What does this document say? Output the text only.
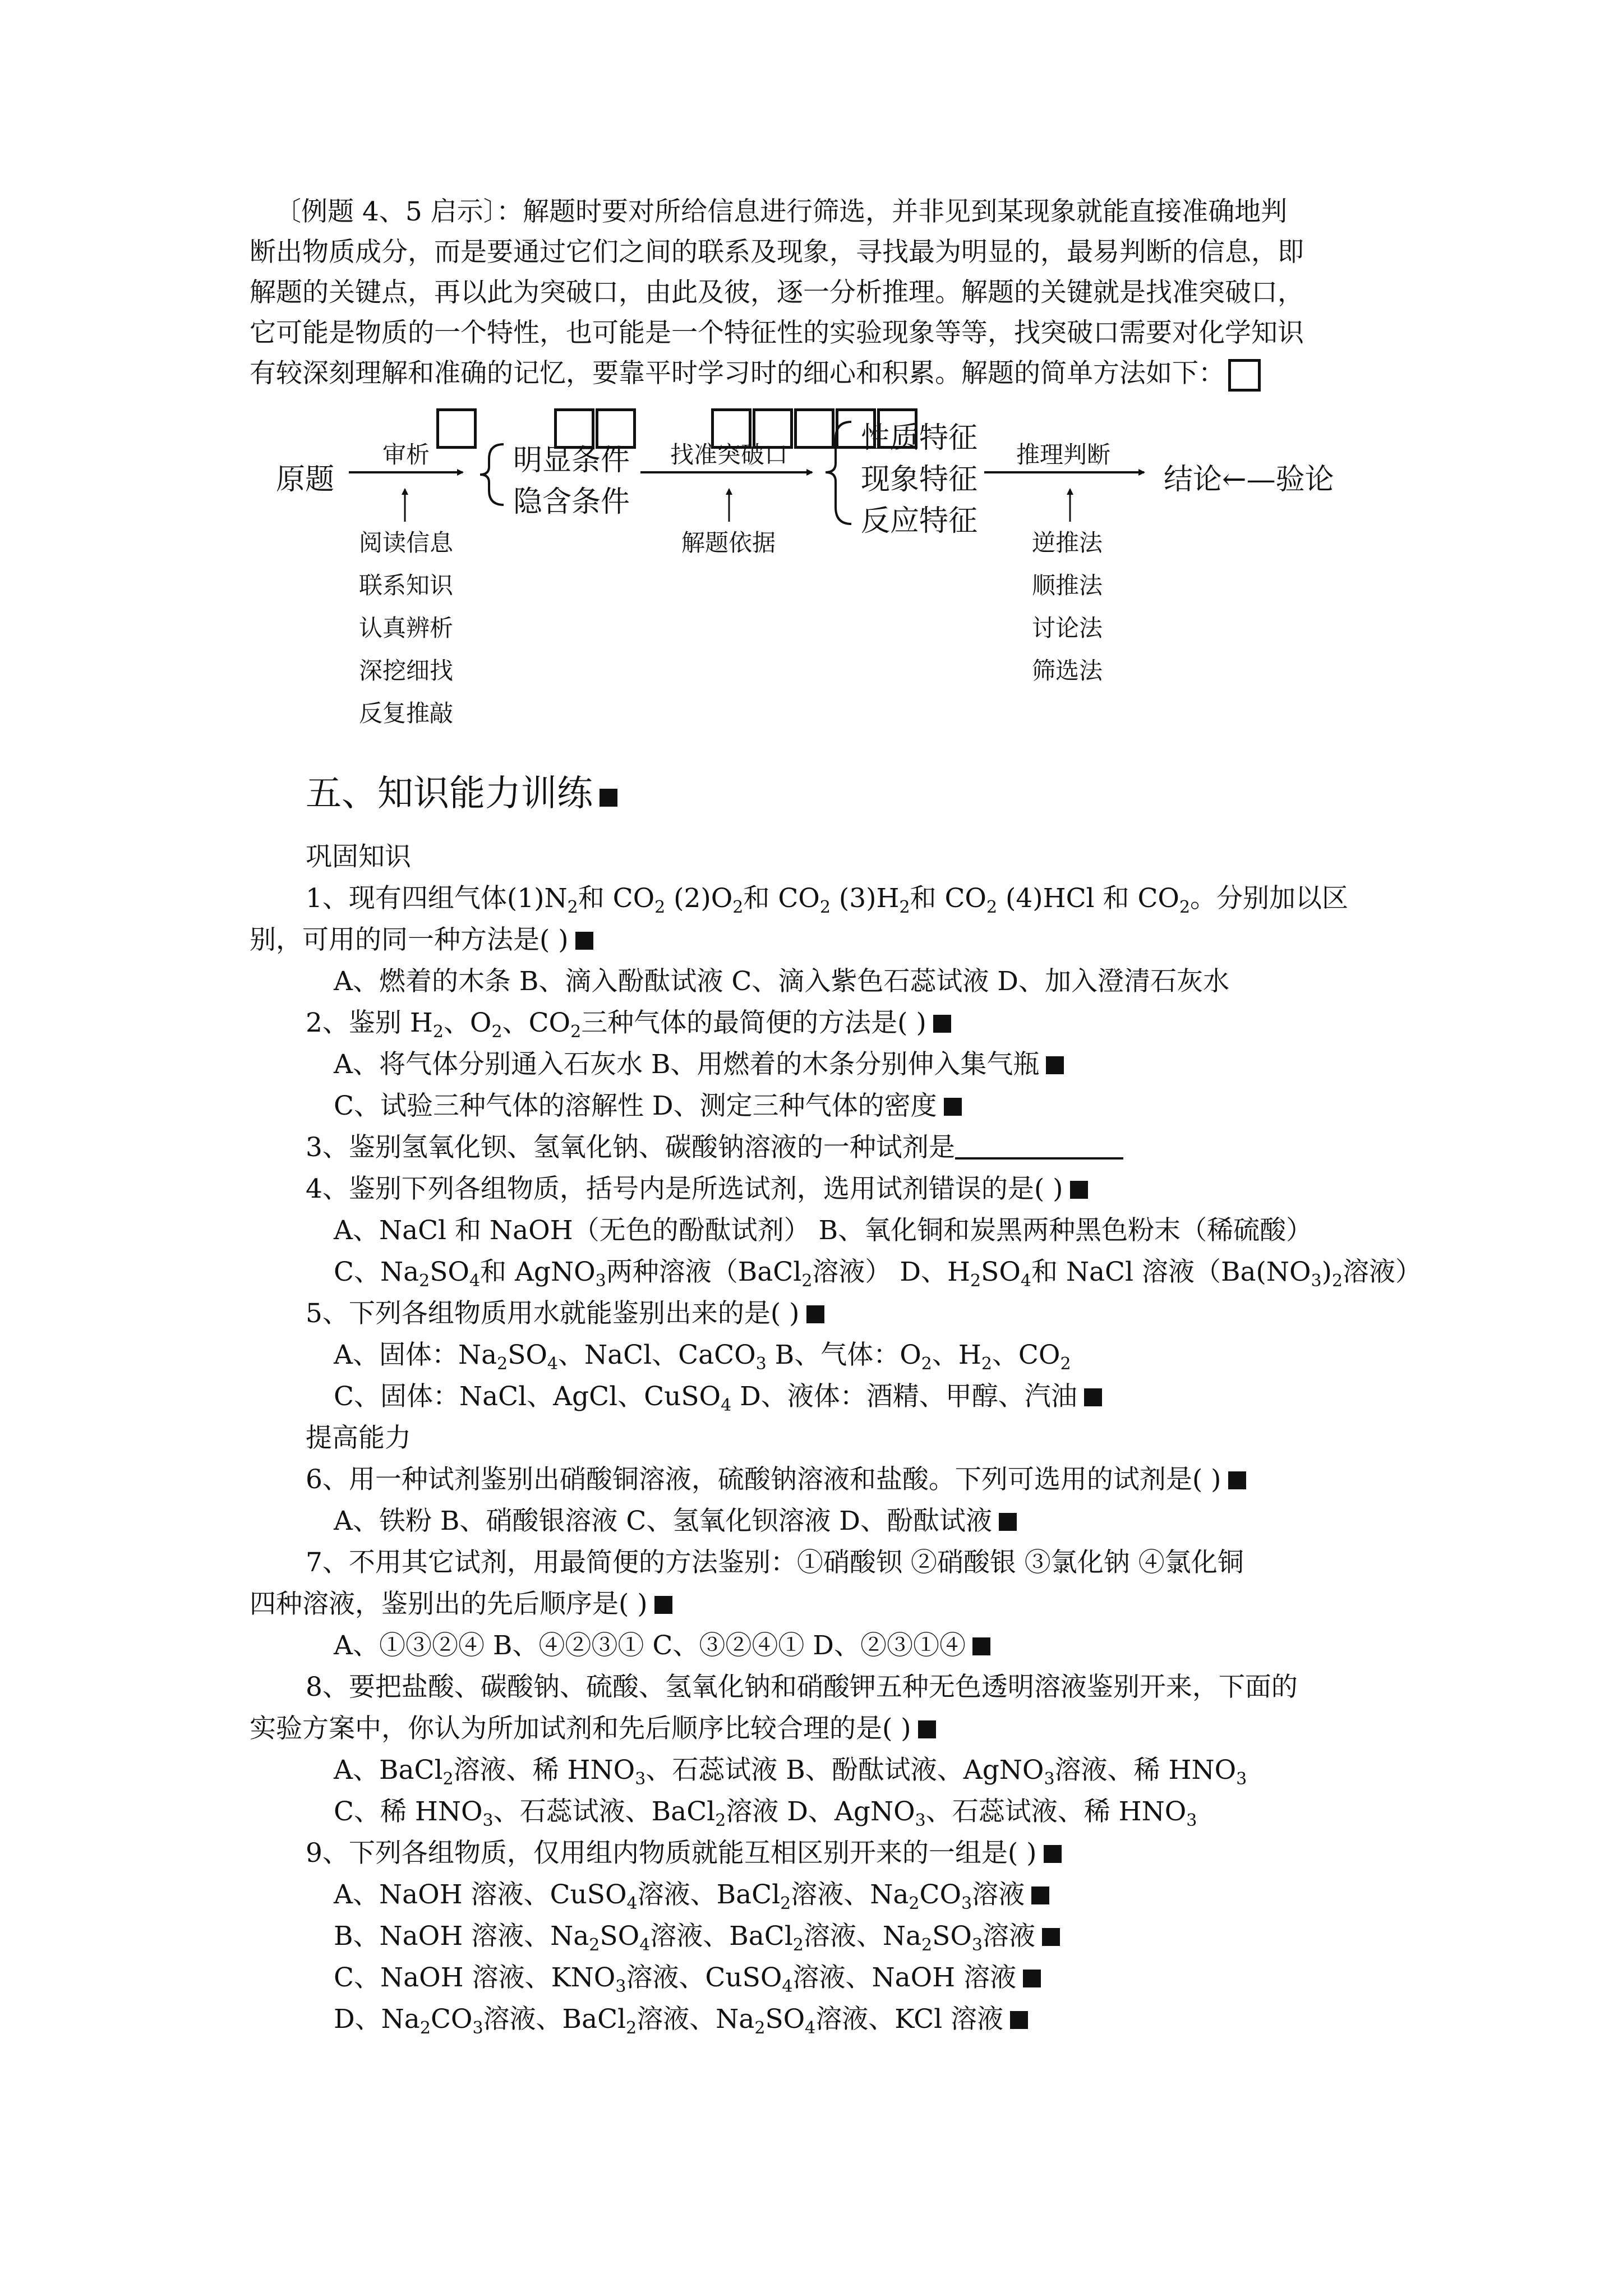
〔例题 4、5 启示〕：解题时要对所给信息进行筛选，并非见到某现象就能直接准确地判
断出物质成分，而是要通过它们之间的联系及现象，寻找最为明显的，最易判断的信息，即
解题的关键点，再以此为突破口，由此及彼，逐一分析推理。解题的关键就是找准突破口，
它可能是物质的一个特性，也可能是一个特征性的实验现象等等，找突破口需要对化学知识
有较深刻理解和准确的记忆，要靠平时学习时的细心和积累。解题的简单方法如下：
原题
审析	明显条件
隐含条件
找准突破口 性质特征
现象特征
反应特征
推理判断
结论←—验论
阅读信息
联系知识
认真辨析
深挖细找
反复推敲
解题依据	逆推法
顺推法
讨论法
筛选法
五、知识能力训练
巩固知识
1、现有四组气体$(1)N_2$和 $CO_2$ $(2)O_2$和 $CO_2$ $(3)H_2$和 $CO_2$ (4)HCl 和 $CO_2$。分别加以区
别，可用的同一种方法是( )
A、燃着的木条 B、滴入酚酞试液 C、滴入紫色石蕊试液 D、加入澄清石灰水
2、鉴别 $H_2$、$O_2$、$CO_2$三种气体的最简便的方法是( )
A、将气体分别通入石灰水 B、用燃着的木条分别伸入集气瓶
C、试验三种气体的溶解性 D、测定三种气体的密度
3、鉴别氢氧化钡、氢氧化钠、碳酸钠溶液的一种试剂是
4、鉴别下列各组物质，括号内是所选试剂，选用试剂错误的是( )
A、NaCl 和 NaOH（无色的酚酞试剂） B、氧化铜和炭黑两种黑色粉末（稀硫酸）
C、$Na_2SO_4$和 AgNO$_3$两种溶液（BaCl$_2$溶液） D、$H_2SO_4$和 NaCl 溶液（$Ba(NO_3)_2$溶液）
5、下列各组物质用水就能鉴别出来的是( )
A、固体：$Na_2SO_4$、NaCl、CaCO$_3$ B、气体：$O_2$、$H_2$、$CO_2$
C、固体：NaCl、AgCl、CuSO$_4$ D、液体：酒精、甲醇、汽油
提高能力
6、用一种试剂鉴别出硝酸铜溶液，硫酸钠溶液和盐酸。下列可选用的试剂是( )
A、铁粉 B、硝酸银溶液 C、氢氧化钡溶液 D、酚酞试液
7、不用其它试剂，用最简便的方法鉴别：①硝酸钡 ②硝酸银 ③氯化钠 ④氯化铜
四种溶液，鉴别出的先后顺序是( )
A、①③②④ B、④②③① C、③②④① D、②③①④
8、要把盐酸、碳酸钠、硫酸、氢氧化钠和硝酸钾五种无色透明溶液鉴别开来，下面的
实验方案中，你认为所加试剂和先后顺序比较合理的是( )
A、BaCl$_2$溶液、稀 $HNO_3$、石蕊试液 B、酚酞试液、AgNO$_3$溶液、稀 $HNO_3$
C、稀 $HNO_3$、石蕊试液、BaCl$_2$溶液 D、AgNO$_3$、石蕊试液、稀 $HNO_3$
9、下列各组物质，仅用组内物质就能互相区别开来的一组是( )
A、NaOH 溶液、CuSO$_4$溶液、BaCl$_2$溶液、$Na_2CO_3$溶液
B、NaOH 溶液、$Na_2SO_4$溶液、BaCl$_2$溶液、$Na_2SO_3$溶液
C、NaOH 溶液、$KNO_3$溶液、CuSO$_4$溶液、NaOH 溶液
D、$Na_2CO_3$溶液、BaCl$_2$溶液、$Na_2SO_4$溶液、KCl 溶液
